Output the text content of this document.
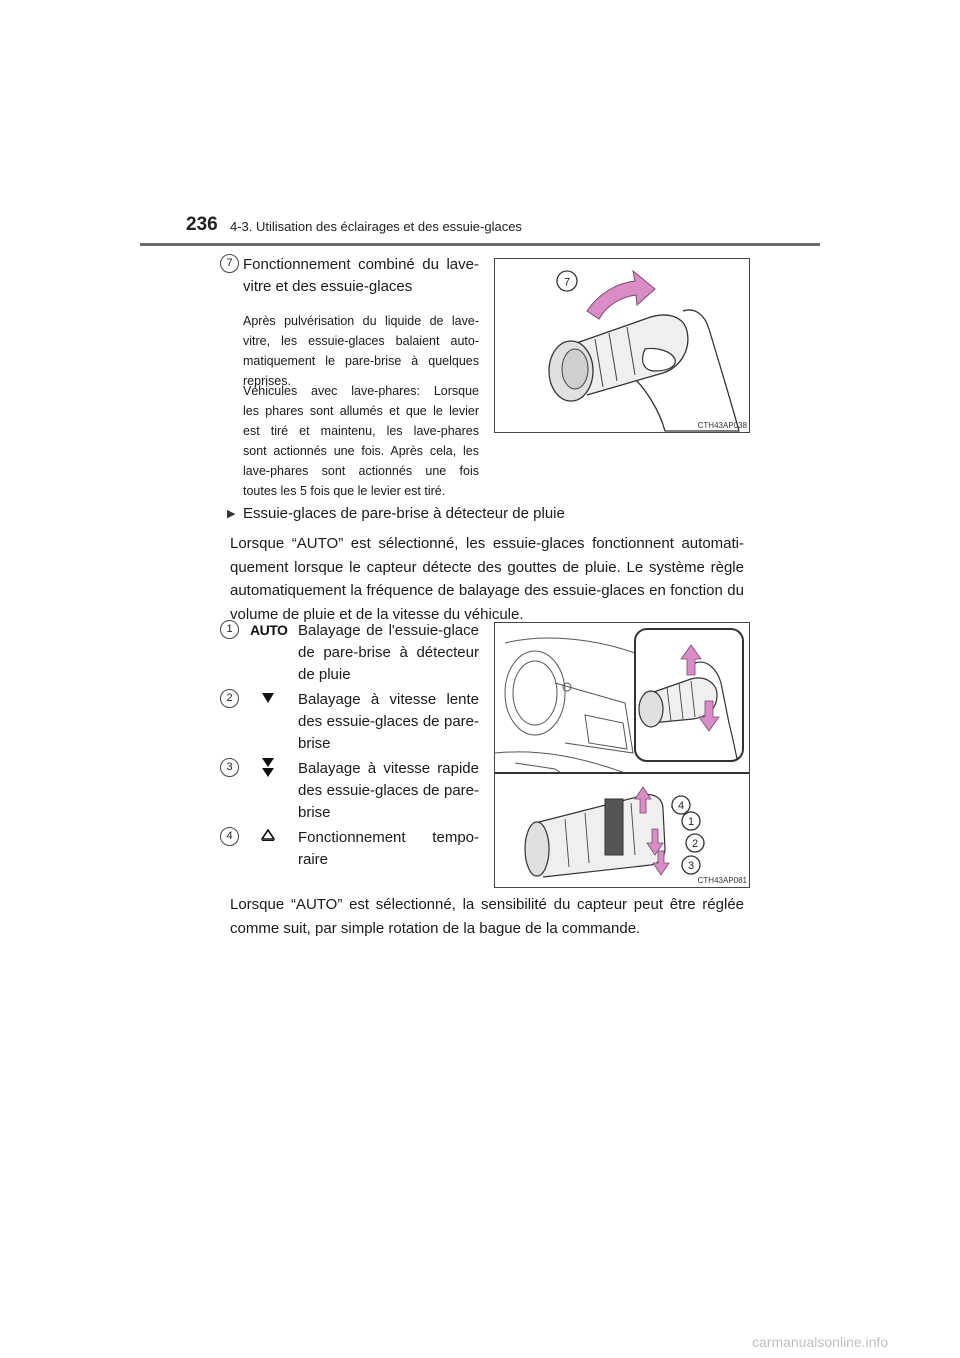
236 4-3. Utilisation des éclairages et des essuie-glaces
7 Fonctionnement combiné du lave-
vitre et des essuie-glaces
Après pulvérisation du liquide de lave-
vitre, les essuie-glaces balaient auto-
matiquement le pare-brise à quelques
reprises.
Véhicules avec lave-phares: Lorsque
les phares sont allumés et que le levier
est tiré et maintenu, les lave-phares
sont actionnés une fois. Après cela, les
lave-phares sont actionnés une fois
toutes les 5 fois que le levier est tiré.
7
CTH43AP038
▶ Essuie-glaces de pare-brise à détecteur de pluie
Lorsque “AUTO” est sélectionné, les essuie-glaces fonctionnent automati-
quement lorsque le capteur détecte des gouttes de pluie. Le système règle
automatiquement la fréquence de balayage des essuie-glaces en fonction du
volume de pluie et de la vitesse du véhicule.
1	AUTO Balayage de l'essuie-glace
de pare-brise à détecteur
de pluie
2	Balayage à vitesse lente
des essuie-glaces de pare-
brise
3	Balayage à vitesse rapide
des essuie-glaces de pare-
brise
4	Fonctionnement tempo-
raire
4
1
2
3
CTH43AP081
Lorsque “AUTO” est sélectionné, la sensibilité du capteur peut être réglée
comme suit, par simple rotation de la bague de la commande.
carmanualsonline.info
